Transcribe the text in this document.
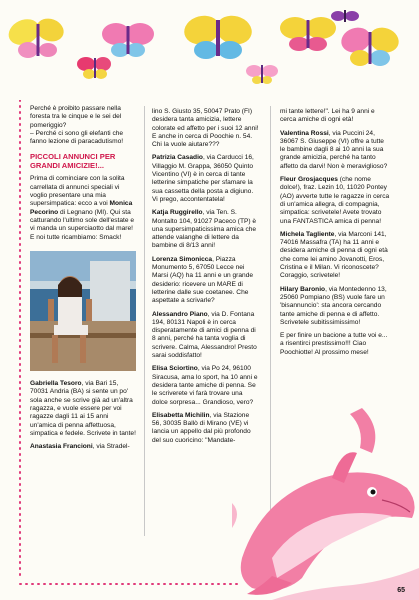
Perché è proibito passare nella foresta tra le cinque e le sei del pomeriggio?
– Perché ci sono gli elefanti che fanno lezione di paracadutismo!

PICCOLI ANNUNCI PER GRANDI AMICIZIE!...

Prima di cominciare con la solita carrellata di annunci speciali vi voglio presentare una mia supersimpatica: ecco a voi Monica Pecorino di Legnano (MI). Qui sta catturando l'ultimo sole dell'estate e vi manda un superciaotto dal mare! E noi tutte ricambiamo: Smack!

Gabriella Tesoro, via Bari 15, 70031 Andria (BA) si sente un po' sola anche se scrive già ad un'altra ragazza, e vuole essere per voi ragazze dagli 11 ai 15 anni un'amica di penna affettuosa, simpatica e fedele. Scrivete in tante!

Anastasia Francioni, via Stradel-

lino S. Giusto 35, 50047 Prato (FI) desidera tanta amicizia, lettere colorate ed affetto per i suoi 12 anni! E anche in cerca di Poochie n. 54. Chi la vuole aiutare???

Patrizia Casadio, via Carducci 16, Villaggio M. Grappa, 36050 Quinto Vicentino (VI) è in cerca di tante letterine simpatiche per sfamare la sua cassetta della posta a digiuno. Vi prego, accontentatela!

Katja Ruggirello, via Ten. S. Montalto 104, 91027 Paceco (TP) è una supersimpaticissima amica che attende valanghe di lettere da bambine di 8/13 anni!

Lorenza Simonicca, Piazza Monumento 5, 67050 Lecce nei Marsi (AQ) ha 11 anni e un grande desiderio: ricevere un MARE di letterine dalle sue coetanee. Che aspettate a scrivarle?

Alessandro Piano, via D. Fontana 194, 80131 Napoli è in cerca disperatamente di amici di penna di 8 anni, perché ha tanta voglia di scrivere. Calma, Alessandro! Presto sarai soddisfatto!

Elisa Sciortino, via Po 24, 96100 Siracusa, ama lo sport, ha 10 anni e desidera tante amiche di penna. Se le scriverete vi farà trovare una dolce sorpresa... Grandioso, vero?

Elisabetta Michilin, via Stazione 56, 30035 Ballò di Mirano (VE) vi lancia un appello dal più profondo del suo cuoricino: "Mandate-

mi tante lettere!". Lei ha 9 anni e cerca amiche di ogni età!

Valentina Rossi, via Puccini 24, 36067 S. Giuseppe (VI) offre a tutte le bambine dagli 8 ai 10 anni la sua grande amicizia, perché ha tanto affetto da darvi! Non è meraviglioso?

Fleur Grosjacques (che nome dolce!), fraz. Lezin 10, 11020 Pontey (AO) avverte tutte le ragazze in cerca di un'amica allegra, di compagnia, simpatica: scrivetele! Avete trovato una FANTASTICA amica di penna!

Michela Tagliente, via Marconi 141, 74016 Massafra (TA) ha 11 anni e desidera amiche di penna di ogni età che come lei amino Jovanotti, Eros, Cristina e il Milan. Vi riconoscete? Coraggio, scrivetele!

Hilary Baronio, via Montedenno 13, 25060 Pompiano (BS) vuole fare un 'bisannuncio': sta ancora cercando tante amiche di penna e di affetto. Scrivetele subitissimissimo!

E per finire un bacione a tutte voi e... a risentirci prestissimo!!! Ciao Poochiotte! Al prossimo mese!

65
